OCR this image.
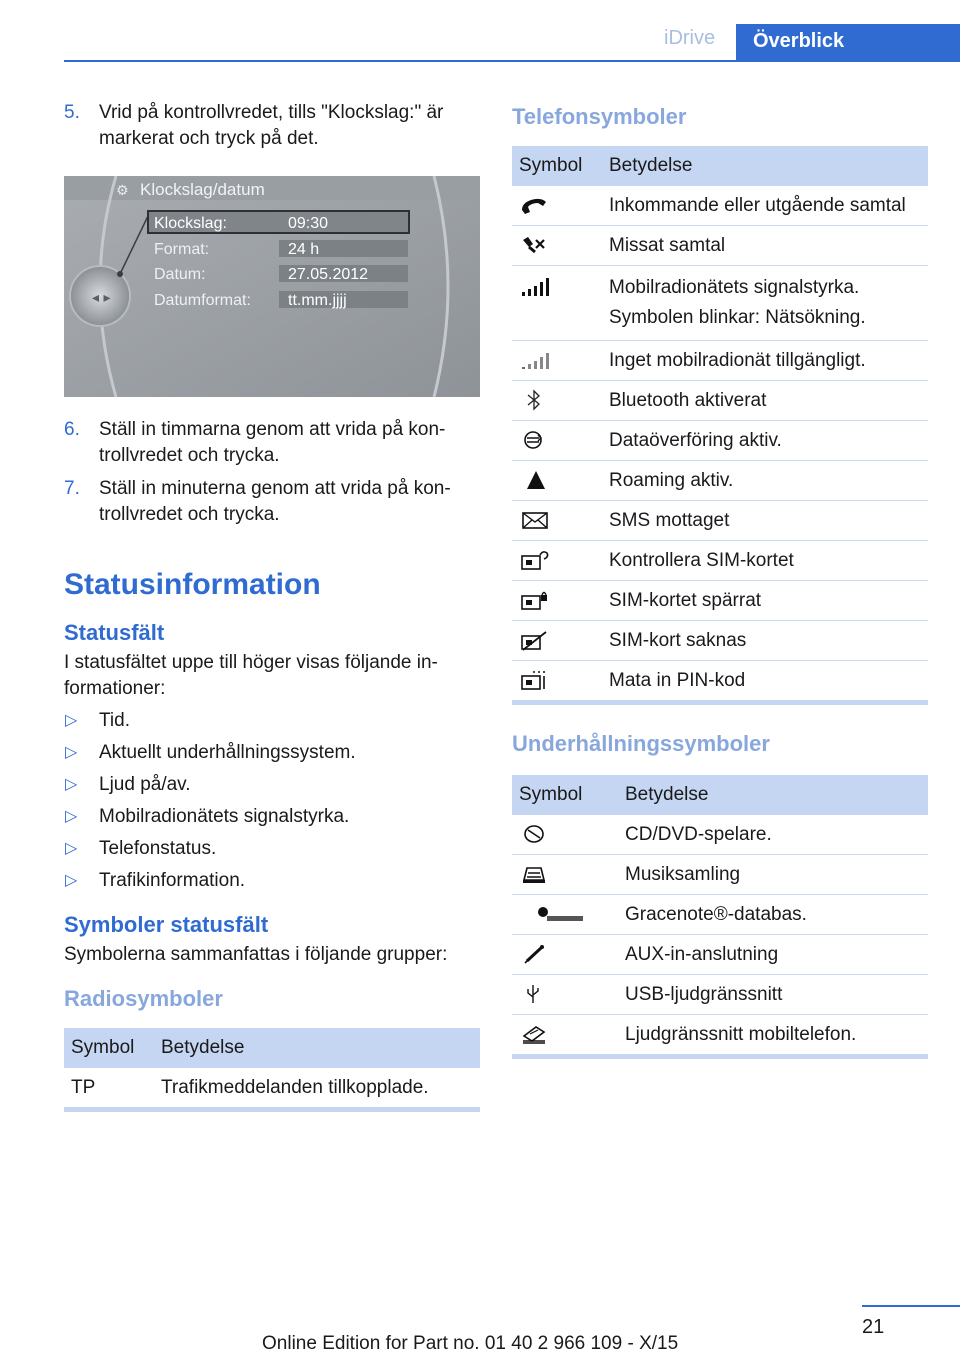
iDrive	Överblick
5. Vrid på kontrollvredet, tills "Klockslag:" är markerat och tryck på det.
◂ ▸
⚙ Klockslag/datum
Klockslag:	09:30
Format:	24 h
Datum:	27.05.2012
Datumformat: tt.mm.jjjj
6. Ställ in timmarna genom att vrida på kon‐trollvredet och trycka.
7. Ställ in minuterna genom att vrida på kon‐trollvredet och trycka.
Statusinformation
Statusfält

I statusfältet uppe till höger visas följande in‐formationer:

▷ Tid.
▷ Aktuellt underhållningssystem.
▷ Ljud på/av.
▷ Mobilradionätets signalstyrka.
▷ Telefonstatus.
▷ Trafikinformation.
Symboler statusfält

Symbolerna sammanfattas i följande grupper:

Radiosymboler
Symbol	Betydelse
TP	Trafikmeddelanden tillkopplade.
Telefonsymboler
Symbol	Betydelse
	Inkommande eller utgående samtal
	Missat samtal

Mobilradionätets signalstyrka.
Symbolen blinkar: Nätsökning.

	Inget mobilradionät tillgängligt.
	Bluetooth aktiverat
	Dataöverföring aktiv.
	Roaming aktiv.
	SMS mottaget
	Kontrollera SIM-kortet
	SIM-kortet spärrat
	SIM-kort saknas
	Mata in PIN-kod
Underhållningssymboler
Symbol	Betydelse
	CD/DVD-spelare.
	Musiksamling
	Gracenote®-databas.
	AUX-in-anslutning
	USB-ljudgränssnitt
	Ljudgränssnitt mobiltelefon.
21
Online Edition for Part no. 01 40 2 966 109 - X/15
